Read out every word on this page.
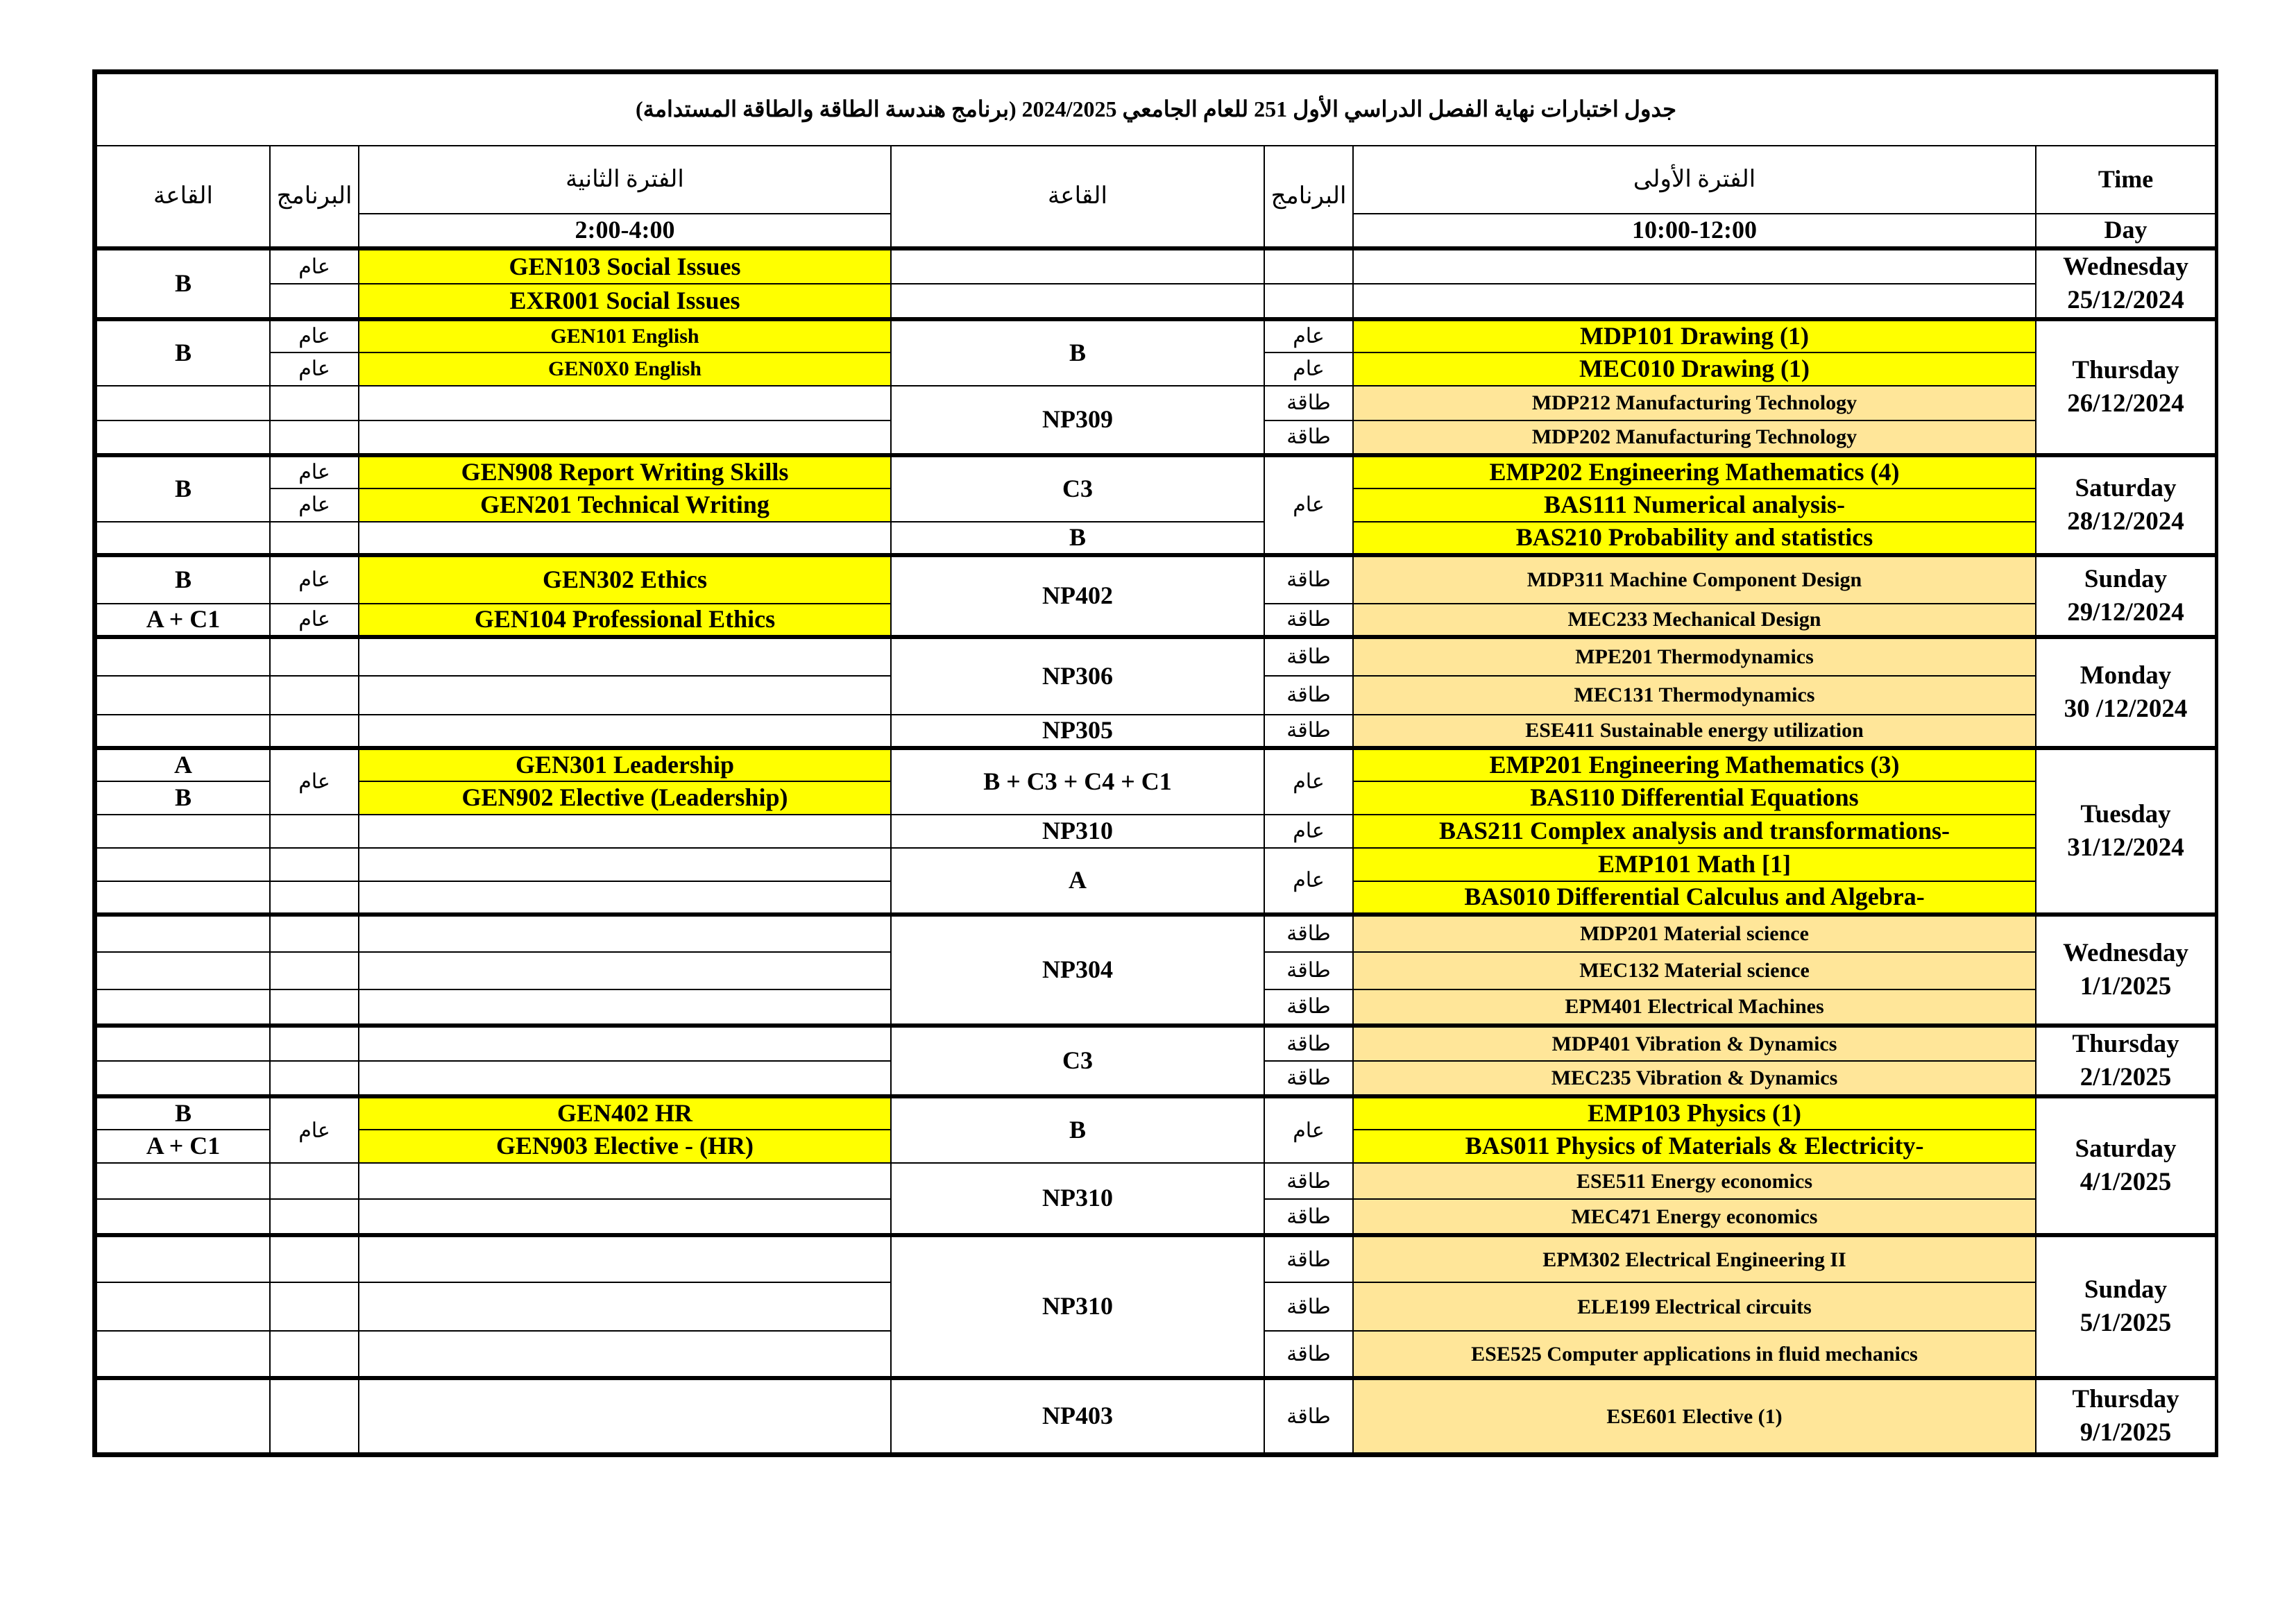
جدول اختبارات نهاية الفصل الدراسي الأول 251 للعام الجامعي 2024/2025 (برنامج هندسة الطاقة والطاقة المستدامة)						
القاعة	البرنامج	الفترة الثانية	القاعة	البرنامج	الفترة الأولى	Time
		2:00-4:00			10:00-12:00	Day
B	عام	GEN103 Social Issues				Wednesday
25/12/2024
		EXR001 Social Issues				
B	عام	GEN101 English	B	عام	MDP101 Drawing (1)	Thursday
26/12/2024
	عام	GEN0X0 English		عام	MEC010 Drawing (1)	
			NP309	طاقة	MDP212 Manufacturing Technology	
				طاقة	MDP202 Manufacturing Technology	
B	عام	GEN908 Report Writing Skills	C3	عام	EMP202 Engineering Mathematics (4)	Saturday
28/12/2024
	عام	GEN201 Technical Writing			BAS111 Numerical analysis-	
			B		BAS210 Probability and statistics	
B	عام	GEN302 Ethics	NP402	طاقة	MDP311 Machine Component Design	Sunday
29/12/2024
A + C1	عام	GEN104 Professional Ethics		طاقة	MEC233 Mechanical Design	
			NP306	طاقة	MPE201 Thermodynamics	Monday
30 /12/2024
				طاقة	MEC131 Thermodynamics	
			NP305	طاقة	ESE411 Sustainable energy utilization	
A	عام	GEN301 Leadership	B + C3 + C4 + C1	عام	EMP201 Engineering Mathematics (3)	Tuesday
31/12/2024
B		GEN902 Elective (Leadership)			BAS110 Differential Equations	
			NP310	عام	BAS211 Complex analysis and transformations-	
			A	عام	EMP101 Math [1]	
					BAS010 Differential Calculus and Algebra-	
			NP304	طاقة	MDP201 Material science	Wednesday
1/1/2025
				طاقة	MEC132 Material science	
				طاقة	EPM401 Electrical Machines	
			C3	طاقة	MDP401 Vibration & Dynamics	Thursday
2/1/2025
				طاقة	MEC235 Vibration & Dynamics	
B	عام	GEN402 HR	B	عام	EMP103 Physics (1)	Saturday
4/1/2025
A + C1		GEN903 Elective - (HR)			BAS011 Physics of Materials & Electricity-	
			NP310	طاقة	ESE511 Energy economics	
				طاقة	MEC471 Energy economics	
			NP310	طاقة	EPM302 Electrical Engineering II	Sunday
5/1/2025
				طاقة	ELE199 Electrical circuits	
				طاقة	ESE525 Computer applications in fluid mechanics	
			NP403	طاقة	ESE601 Elective (1)	Thursday
9/1/2025
